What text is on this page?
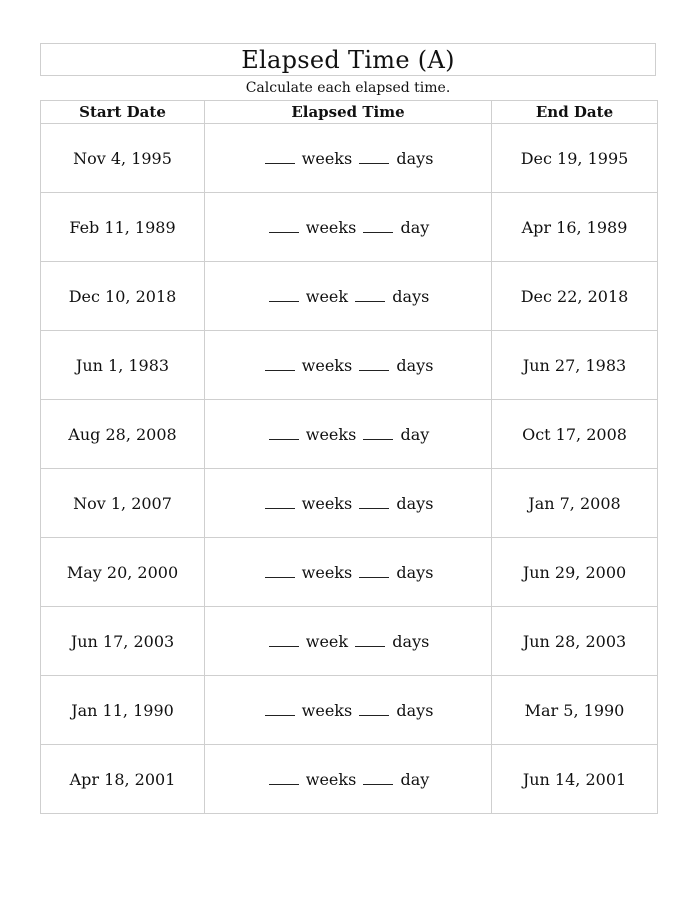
Elapsed Time (A)
Calculate each elapsed time.
Start Date	Elapsed Time	End Date
Nov 4, 1995	weeks days	Dec 19, 1995
Feb 11, 1989	weeks day	Apr 16, 1989
Dec 10, 2018	week days	Dec 22, 2018
Jun 1, 1983	weeks days	Jun 27, 1983
Aug 28, 2008	weeks day	Oct 17, 2008
Nov 1, 2007	weeks days	Jan 7, 2008
May 20, 2000	weeks days	Jun 29, 2000
Jun 17, 2003	week days	Jun 28, 2003
Jan 11, 1990	weeks days	Mar 5, 1990
Apr 18, 2001	weeks day	Jun 14, 2001
